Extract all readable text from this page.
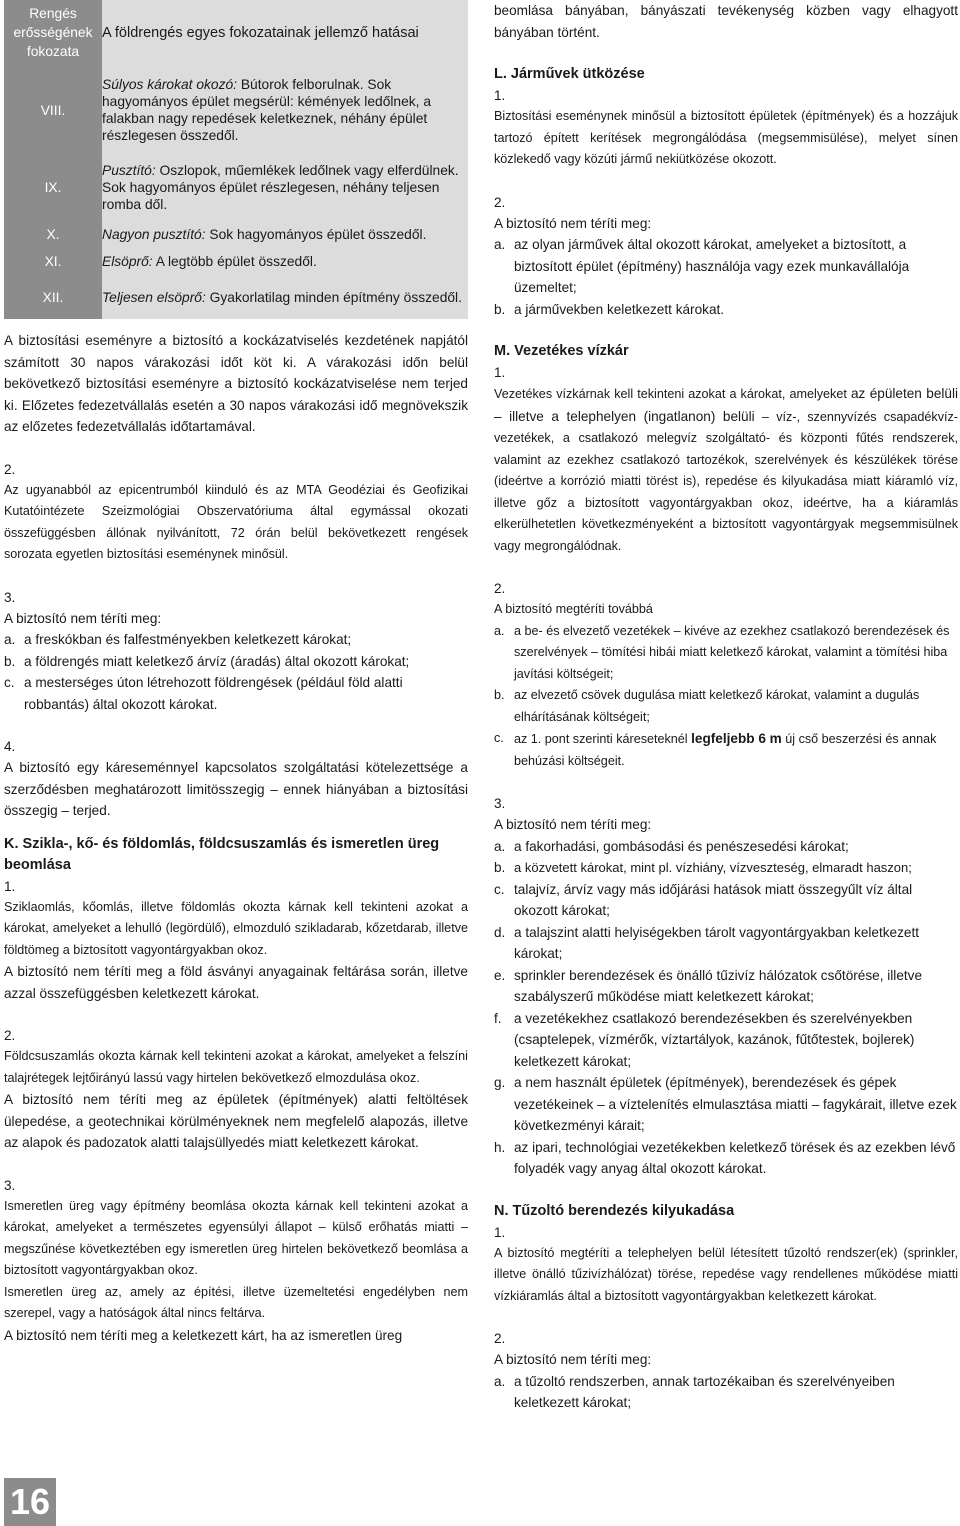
Rengés erősségének fokozata	A földrengés egyes fokozatainak jellemző hatásai
VIII.	Súlyos károkat okozó: Bútorok felborulnak. Sok hagyományos épület megsérül: kémények ledőlnek, a falakban nagy repedések keletkeznek, néhány épület részlegesen összedől.
IX.	Pusztító: Oszlopok, műemlékek ledőlnek vagy elferdülnek. Sok hagyományos épület részlegesen, néhány teljesen romba dől.
X.	Nagyon pusztító: Sok hagyományos épület összedől.
XI.	Elsöprő: A legtöbb épület összedől.
XII.	Teljesen elsöprő: Gyakorlatilag minden építmény összedől.

A biztosítási eseményre a biztosító a kockázatviselés kezdetének napjától számított 30 napos várakozási időt köt ki. A várakozási időn belül bekövetkező biztosítási eseményre a biztosító kockázatviselése nem terjed ki. Előzetes fedezetvállalás esetén a 30 napos várakozási idő megnövekszik az előzetes fedezetvállalás időtartamával.

2.

Az ugyanabból az epicentrumból kiinduló és az MTA Geodéziai és Geofizikai Kutatóintézete Szeizmológiai Obszervatóriuma által egymással okozati összefüggésben állónak nyilvánított, 72 órán belül bekövetkezett rengések sorozata egyetlen biztosítási eseménynek minősül.

3.

A biztosító nem téríti meg:

a. a freskókban és falfestményekben keletkezett károkat;
b. a földrengés miatt keletkező árvíz (áradás) által okozott károkat;
c. a mesterséges úton létrehozott földrengések (például föld alatti robbantás) által okozott károkat.

4.

A biztosító egy káreseménnyel kapcsolatos szolgáltatási kötelezettsége a szerződésben meghatározott limitösszegig – ennek hiányában a biztosítási összegig – terjed.

K. Szikla-, kő- és földomlás, földcsuszamlás és ismeretlen üreg beomlása

1.

Sziklaomlás, kőomlás, illetve földomlás okozta kárnak kell tekinteni azokat a károkat, amelyeket a lehulló (legördülő), elmozduló szikladarab, kőzetdarab, illetve földtömeg a biztosított vagyontárgyakban okoz.

A biztosító nem téríti meg a föld ásványi anyagainak feltárása során, illetve azzal összefüggésben keletkezett károkat.

2.

Földcsuszamlás okozta kárnak kell tekinteni azokat a károkat, amelyeket a felszíni talajrétegek lejtőirányú lassú vagy hirtelen bekövetkező elmozdulása okoz.

A biztosító nem téríti meg az épületek (építmények) alatti feltöltések ülepedése, a geotechnikai körülményeknek nem megfelelő alapozás, illetve az alapok és padozatok alatti talajsüllyedés miatt keletkezett károkat.

3.

Ismeretlen üreg vagy építmény beomlása okozta kárnak kell tekinteni azokat a károkat, amelyeket a természetes egyensúlyi állapot – külső erőhatás miatti – megszűnése következtében egy ismeretlen üreg hirtelen bekövetkező beomlása a biztosított vagyontárgyakban okoz.

Ismeretlen üreg az, amely az építési, illetve üzemeltetési engedélyben nem szerepel, vagy a hatóságok által nincs feltárva.

A biztosító nem téríti meg a keletkezett kárt, ha az ismeretlen üreg

beomlása bányában, bányászati tevékenység közben vagy elhagyott bányában történt.

L. Járművek ütközése

1.

Biztosítási eseménynek minősül a biztosított épületek (építmények) és a hozzájuk tartozó épített kerítések megrongálódása (megsemmisülése), melyet sínen közlekedő vagy közúti jármű nekiütközése okozott.

2.

A biztosító nem téríti meg:

a. az olyan járművek által okozott károkat, amelyeket a biztosított, a biztosított épület (építmény) használója vagy ezek munkavállalója üzemeltet;
b. a járművekben keletkezett károkat.

M. Vezetékes vízkár

1.

Vezetékes vízkárnak kell tekinteni azokat a károkat, amelyeket az épületen belüli – illetve a telephelyen (ingatlanon) belüli – víz-, szennyvízés csapadékvíz-vezetékek, a csatlakozó melegvíz szolgáltató- és központi fűtés rendszerek, valamint az ezekhez csatlakozó tartozékok, szerelvények és készülékek törése (ideértve a korrózió miatti törést is), repedése és kilyukadása miatt kiáramló víz, illetve gőz a biztosított vagyontárgyakban okoz, ideértve, ha a kiáramlás elkerülhetetlen következményeként a biztosított vagyontárgyak megsemmisülnek vagy megrongálódnak.

2.

A biztosító megtéríti továbbá

a. a be- és elvezető vezetékek – kivéve az ezekhez csatlakozó berendezések és szerelvények – tömítési hibái miatt keletkező károkat, valamint a tömítési hiba javítási költségeit;
b. az elvezető csövek dugulása miatt keletkező károkat, valamint a dugulás elhárításának költségeit;
c. az 1. pont szerinti káreseteknél legfeljebb 6 m új cső beszerzési és annak behúzási költségeit.

3.

A biztosító nem téríti meg:

a. a fakorhadási, gombásodási és penészesedési károkat;
b. a közvetett károkat, mint pl. vízhiány, vízveszteség, elmaradt haszon;
c. talajvíz, árvíz vagy más időjárási hatások miatt összegyűlt víz által okozott károkat;
d. a talajszint alatti helyiségekben tárolt vagyontárgyakban keletkezett károkat;
e. sprinkler berendezések és önálló tűzivíz hálózatok csőtörése, illetve szabályszerű működése miatt keletkezett károkat;
f. a vezetékekhez csatlakozó berendezésekben és szerelvényekben (csaptelepek, vízmérők, víztartályok, kazánok, fűtőtestek, bojlerek) keletkezett károkat;
g. a nem használt épületek (építmények), berendezések és gépek vezetékeinek – a víztelenítés elmulasztása miatti – fagykárait, illetve ezek következményi kárait;
h. az ipari, technológiai vezetékekben keletkező törések és az ezekben lévő folyadék vagy anyag által okozott károkat.

N. Tűzoltó berendezés kilyukadása

1.

A biztosító megtéríti a telephelyen belül létesített tűzoltó rendszer(ek) (sprinkler, illetve önálló tűzivízhálózat) törése, repedése vagy rendellenes működése miatti vízkiáramlás által a biztosított vagyontárgyakban keletkezett károkat.

2.

A biztosító nem téríti meg:

a. a tűzoltó rendszerben, annak tartozékaiban és szerelvényeiben keletkezett károkat;
16
